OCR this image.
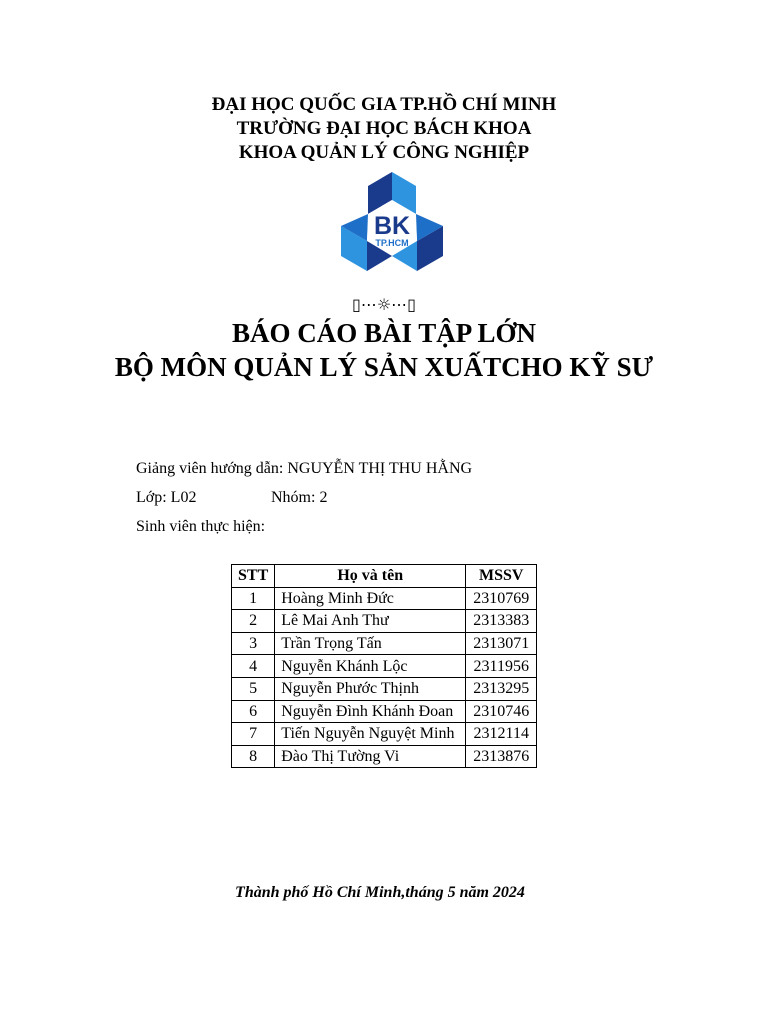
ĐẠI HỌC QUỐC GIA TP.HỒ CHÍ MINH
TRƯỜNG ĐẠI HỌC BÁCH KHOA
KHOA QUẢN LÝ CÔNG NGHIỆP
BK
TP.HCM
▯⋯☼⋯▯
BÁO CÁO BÀI TẬP LỚN
BỘ MÔN QUẢN LÝ SẢN XUẤTCHO KỸ SƯ
Giảng viên hướng dẫn: NGUYỄN THỊ THU HẰNG
Lớp: L02	Nhóm: 2
Sinh viên thực hiện:
STT	Họ và tên	MSSV
1	Hoàng Minh Đức	2310769
2	Lê Mai Anh Thư	2313383
3	Trần Trọng Tấn	2313071
4	Nguyễn Khánh Lộc	2311956
5	Nguyễn Phước Thịnh	2313295
6	Nguyễn Đình Khánh Đoan	2310746
7	Tiến Nguyễn Nguyệt Minh	2312114
8	Đào Thị Tường Vi	2313876
Thành phố Hồ Chí Minh,tháng 5 năm 2024
